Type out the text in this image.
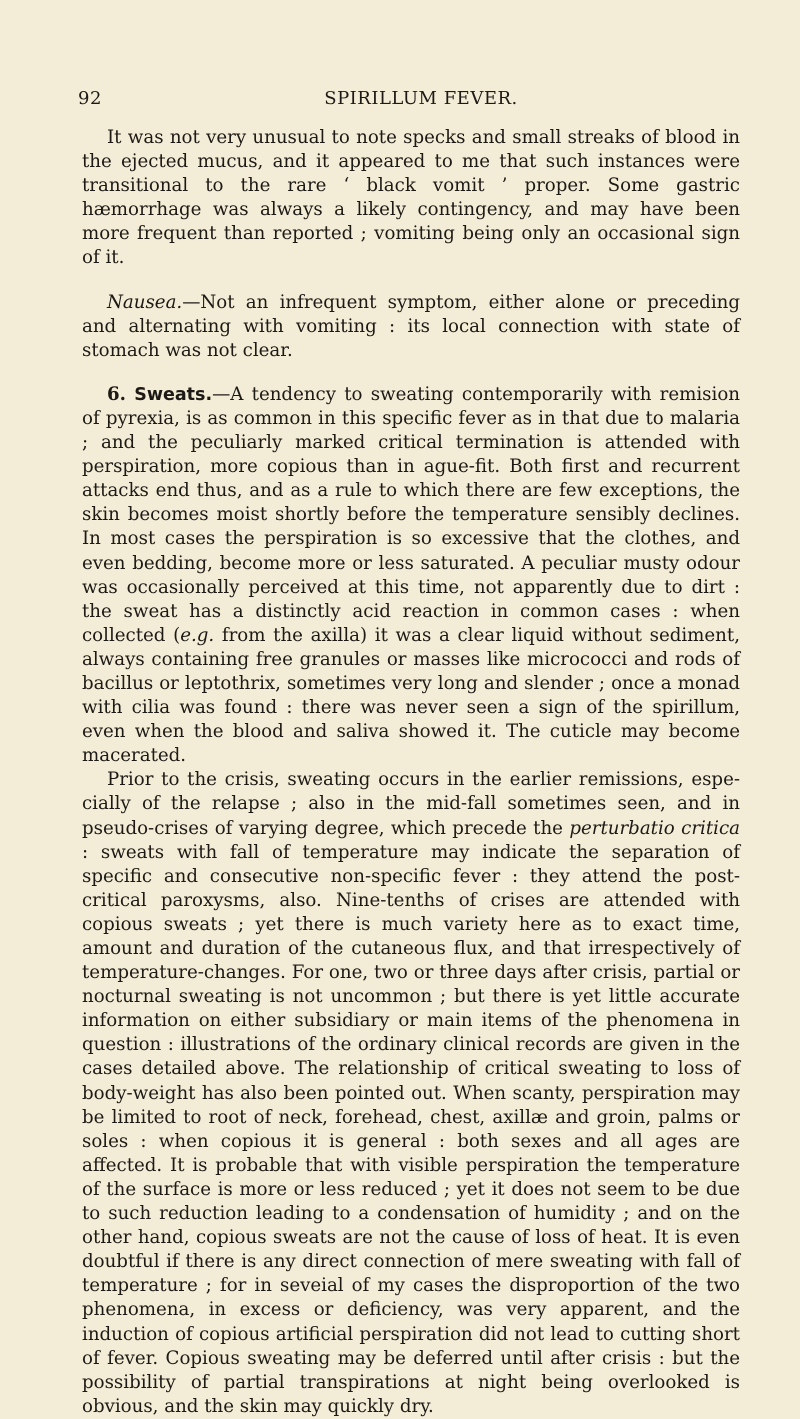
92	SPIRILLUM FEVER.

It was not very unusual to note specks and small streaks of blood in the ejected mucus, and it appeared to me that such instances were transitional to the rare ‘ black vomit ’ proper. Some gastric hæmorrhage was always a likely contingency, and may have been more frequent than reported ; vomiting being only an occasional sign of it.

Nausea.—Not an infrequent symptom, either alone or preceding and alternating with vomiting : its local connection with state of stomach was not clear.

6. Sweats.—A tendency to sweating contemporarily with remision of pyrexia, is as common in this specific fever as in that due to malaria ; and the peculiarly marked critical termination is attended with perspiration, more copious than in ague-fit. Both first and recurrent attacks end thus, and as a rule to which there are few exceptions, the skin becomes moist shortly before the temperature sensibly declines. In most cases the perspiration is so excessive that the clothes, and even bedding, become more or less saturated. A peculiar musty odour was occasionally perceived at this time, not apparently due to dirt : the sweat has a distinctly acid reaction in common cases : when collected (e.g. from the axilla) it was a clear liquid without sediment, always containing free granules or masses like micrococci and rods of bacillus or leptothrix, sometimes very long and slender ; once a monad with cilia was found : there was never seen a sign of the spirillum, even when the blood and saliva showed it. The cuticle may become macerated.

Prior to the crisis, sweating occurs in the earlier remissions, especially of the relapse ; also in the mid-fall sometimes seen, and in pseudo-crises of varying degree, which precede the perturbatio critica : sweats with fall of temperature may indicate the separation of specific and consecutive non-specific fever : they attend the post-critical paroxysms, also. Nine-tenths of crises are attended with copious sweats ; yet there is much variety here as to exact time, amount and duration of the cutaneous flux, and that irrespectively of temperature-changes. For one, two or three days after crisis, partial or nocturnal sweating is not uncommon ; but there is yet little accurate information on either subsidiary or main items of the phenomena in question : illustrations of the ordinary clinical records are given in the cases detailed above. The relationship of critical sweating to loss of body-weight has also been pointed out. When scanty, perspiration may be limited to root of neck, forehead, chest, axillæ and groin, palms or soles : when copious it is general : both sexes and all ages are affected. It is probable that with visible perspiration the temperature of the surface is more or less reduced ; yet it does not seem to be due to such reduction leading to a condensation of humidity ; and on the other hand, copious sweats are not the cause of loss of heat. It is even doubtful if there is any direct connection of mere sweating with fall of temperature ; for in seveial of my cases the disproportion of the two phenomena, in excess or deficiency, was very apparent, and the induction of copious artificial perspiration did not lead to cutting short of fever. Copious sweating may be deferred until after crisis : but the possibility of partial transpirations at night being overlooked is obvious, and the skin may quickly dry.
